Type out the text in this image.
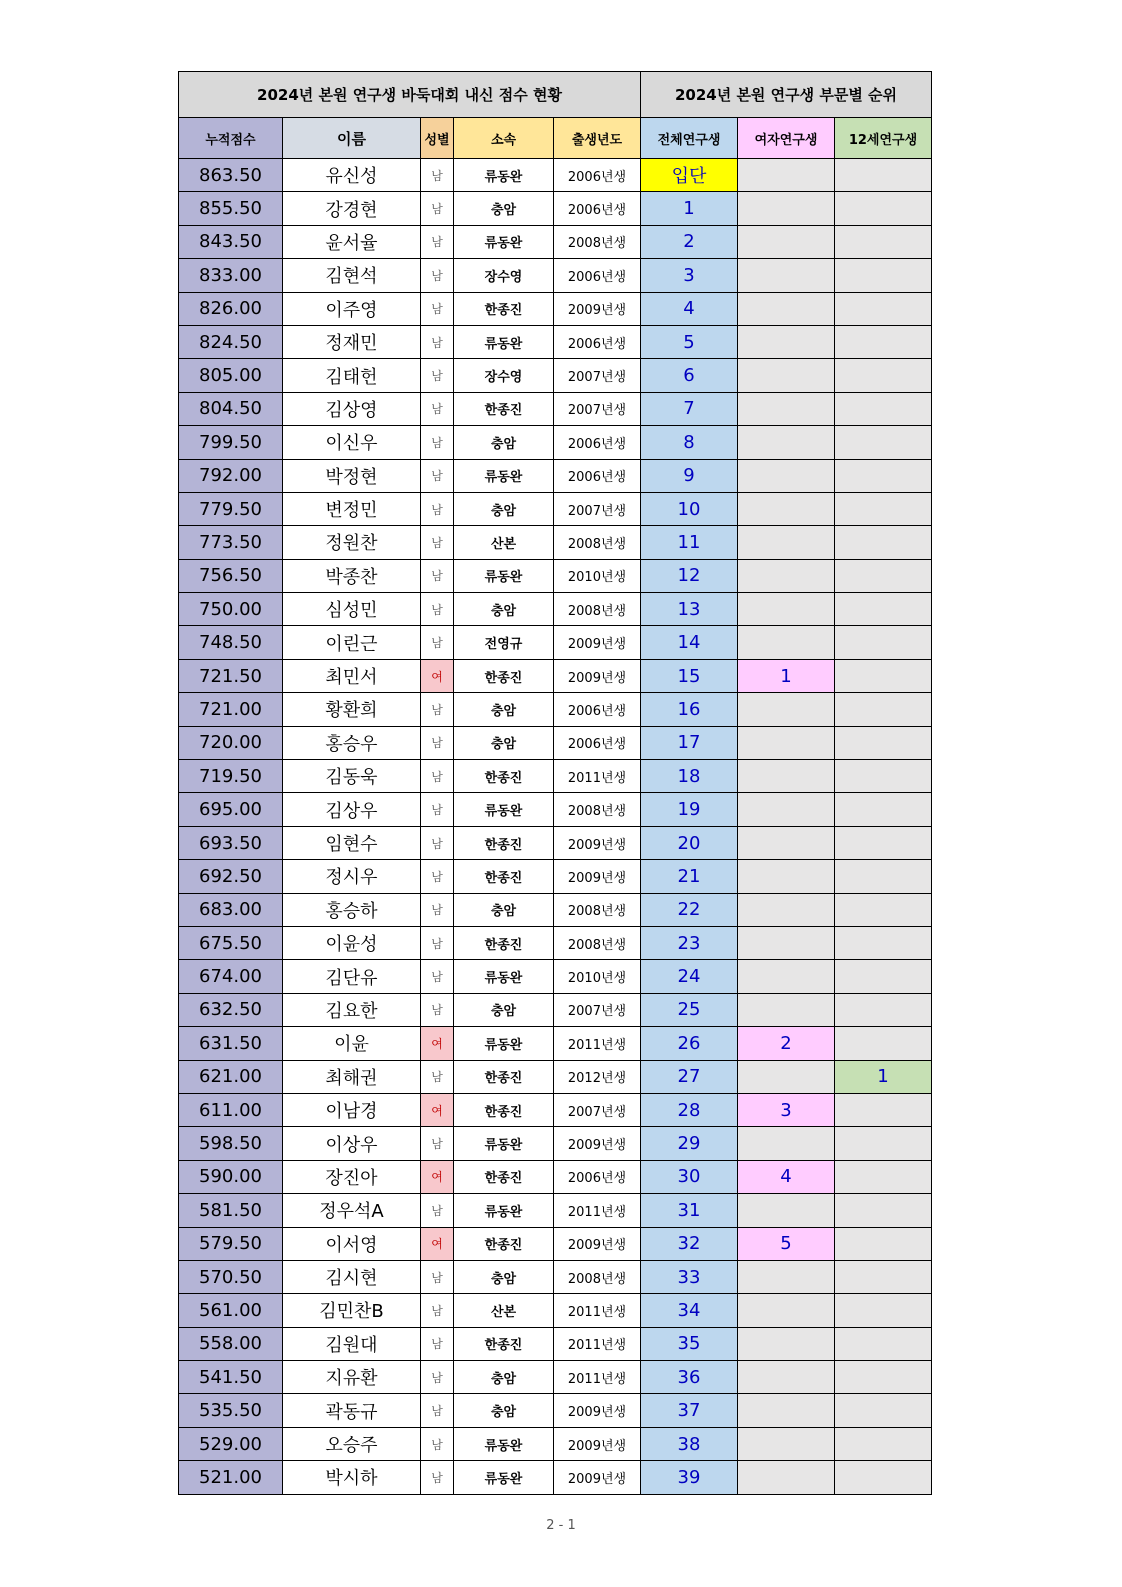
2024년 본원 연구생 바둑대회 내신 점수 현황					2024년 본원 연구생 부문별 순위		
누적점수	이름	성별	소속	출생년도	전체연구생	여자연구생	12세연구생
863.50	유신성	남	류동완	2006년생	입단		
855.50	강경현	남	충암	2006년생	1		
843.50	윤서율	남	류동완	2008년생	2		
833.00	김현석	남	장수영	2006년생	3		
826.00	이주영	남	한종진	2009년생	4		
824.50	정재민	남	류동완	2006년생	5		
805.00	김태헌	남	장수영	2007년생	6		
804.50	김상영	남	한종진	2007년생	7		
799.50	이신우	남	충암	2006년생	8		
792.00	박정현	남	류동완	2006년생	9		
779.50	변정민	남	충암	2007년생	10		
773.50	정원찬	남	산본	2008년생	11		
756.50	박종찬	남	류동완	2010년생	12		
750.00	심성민	남	충암	2008년생	13		
748.50	이린근	남	전영규	2009년생	14		
721.50	최민서	여	한종진	2009년생	15	1	
721.00	황환희	남	충암	2006년생	16		
720.00	홍승우	남	충암	2006년생	17		
719.50	김동욱	남	한종진	2011년생	18		
695.00	김상우	남	류동완	2008년생	19		
693.50	임현수	남	한종진	2009년생	20		
692.50	정시우	남	한종진	2009년생	21		
683.00	홍승하	남	충암	2008년생	22		
675.50	이윤성	남	한종진	2008년생	23		
674.00	김단유	남	류동완	2010년생	24		
632.50	김요한	남	충암	2007년생	25		
631.50	이윤	여	류동완	2011년생	26	2	
621.00	최해권	남	한종진	2012년생	27		1
611.00	이남경	여	한종진	2007년생	28	3	
598.50	이상우	남	류동완	2009년생	29		
590.00	장진아	여	한종진	2006년생	30	4	
581.50	정우석A	남	류동완	2011년생	31		
579.50	이서영	여	한종진	2009년생	32	5	
570.50	김시현	남	충암	2008년생	33		
561.00	김민찬B	남	산본	2011년생	34		
558.00	김원대	남	한종진	2011년생	35		
541.50	지유환	남	충암	2011년생	36		
535.50	곽동규	남	충암	2009년생	37		
529.00	오승주	남	류동완	2009년생	38		
521.00	박시하	남	류동완	2009년생	39		
2 - 1
